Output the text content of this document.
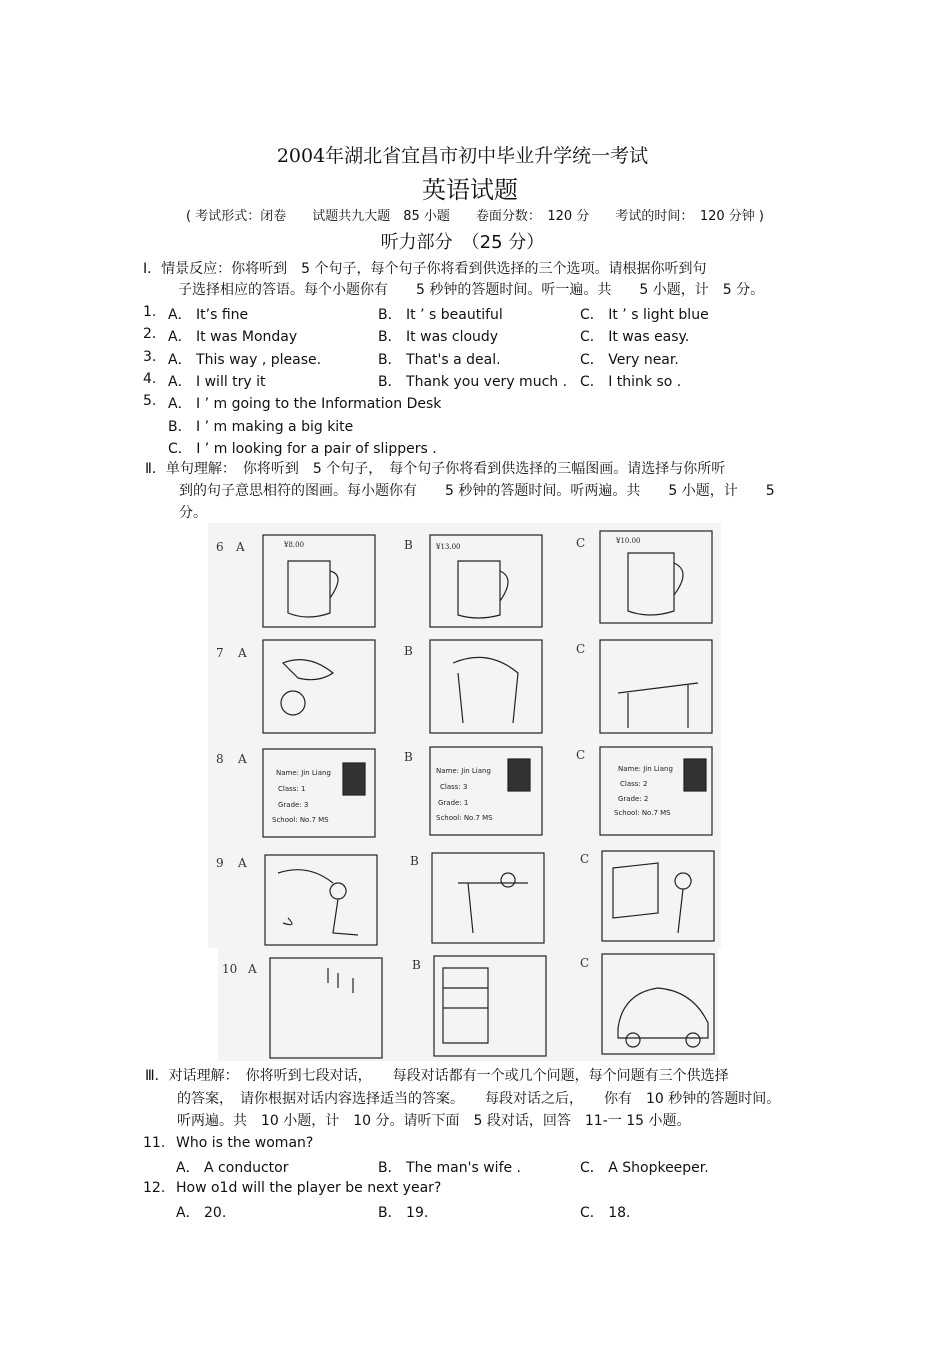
2004年湖北省宜昌市初中毕业升学统一考试
英语试题
( 考试形式：闭卷　　试题共九大题　85 小题　　卷面分数：　120 分　　考试的时间：　120 分钟 )
听力部分　（25 分）
I．情景反应：你将听到　5 个句子，每个句子你将看到供选择的三个选项。请根据你听到句
子选择相应的答语。每个小题你有　　5 秒钟的答题时间。听一遍。共　　5 小题，计　5 分。
1. A． It’s fine	B． It ’ s beautiful	C． It ’ s light blue
2. A． It was Monday	B． It was cloudy	C． It was easy.
3. A． This way , please.	B． That's a deal.	C． Very near.
4. A． I will try it	B． Thank you very much . C． I think so .
5. A． I ’ m going to the Information Desk
B． I ’ m making a big kite
C． I ’ m looking for a pair of slippers .
Ⅱ．单句理解：　你将听到　5 个句子，　每个句子你将看到供选择的三幅图画。请选择与你所听
到的句子意思相符的图画。每小题你有　　5 秒钟的答题时间。听两遍。共　　5 小题，计　　5
分。
6 A	B	C
¥8.00	¥13.00
¥10.00
7 A	B	C
8 A	B	C
Name: Jin Liang
Class: 1
Grade: 3
School: No.7 MS
Name: Jin Liang
Class: 3
Grade: 1
School: No.7 MS
Name: Jin Liang
Class: 2
Grade: 2
School: No.7 MS
9 A	B	C
10 A	B	C
Ⅲ．对话理解：　你将听到七段对话，　　每段对话都有一个或几个问题，每个问题有三个供选择
的答案，　请你根据对话内容选择适当的答案。　　每段对话之后，　　你有　10 秒钟的答题时间。
听两遍。共　10 小题，计　10 分。请听下面　5 段对话，回答　11-一 15 小题。
11. Who is the woman?
A． A conductor	B． The man's wife .	C． A Shopkeeper.
12. How o1d will the player be next year?
A． 20.	B． 19.	C． 18.
